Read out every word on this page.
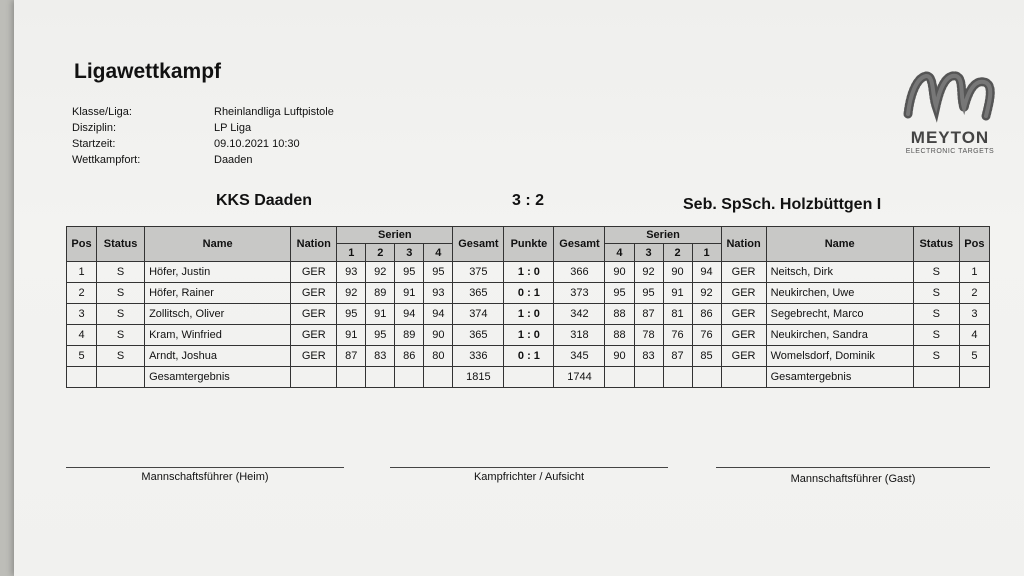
Ligawettkampf
Klasse/Liga:	Rheinlandliga Luftpistole
Disziplin:	LP Liga
Startzeit:	09.10.2021 10:30
Wettkampfort:	Daaden
MEYTON
ELECTRONIC TARGETS
KKS Daaden	3 : 2	Seb. SpSch. Holzbüttgen I
Pos	Status	Name	Nation	Serien				Gesamt	Punkte	Gesamt	Serien				Nation	Name	Status	Pos
				1	2	3	4				4	3	2	1				
1	S	Höfer, Justin	GER	93	92	95	95	375	1 : 0	366	90	92	90	94	GER	Neitsch, Dirk	S	1
2	S	Höfer, Rainer	GER	92	89	91	93	365	0 : 1	373	95	95	91	92	GER	Neukirchen, Uwe	S	2
3	S	Zollitsch, Oliver	GER	95	91	94	94	374	1 : 0	342	88	87	81	86	GER	Segebrecht, Marco	S	3
4	S	Kram, Winfried	GER	91	95	89	90	365	1 : 0	318	88	78	76	76	GER	Neukirchen, Sandra	S	4
5	S	Arndt, Joshua	GER	87	83	86	80	336	0 : 1	345	90	83	87	85	GER	Womelsdorf, Dominik	S	5
		Gesamtergebnis						1815		1744						Gesamtergebnis		
Mannschaftsführer (Heim)	Kampfrichter / Aufsicht	Mannschaftsführer (Gast)
